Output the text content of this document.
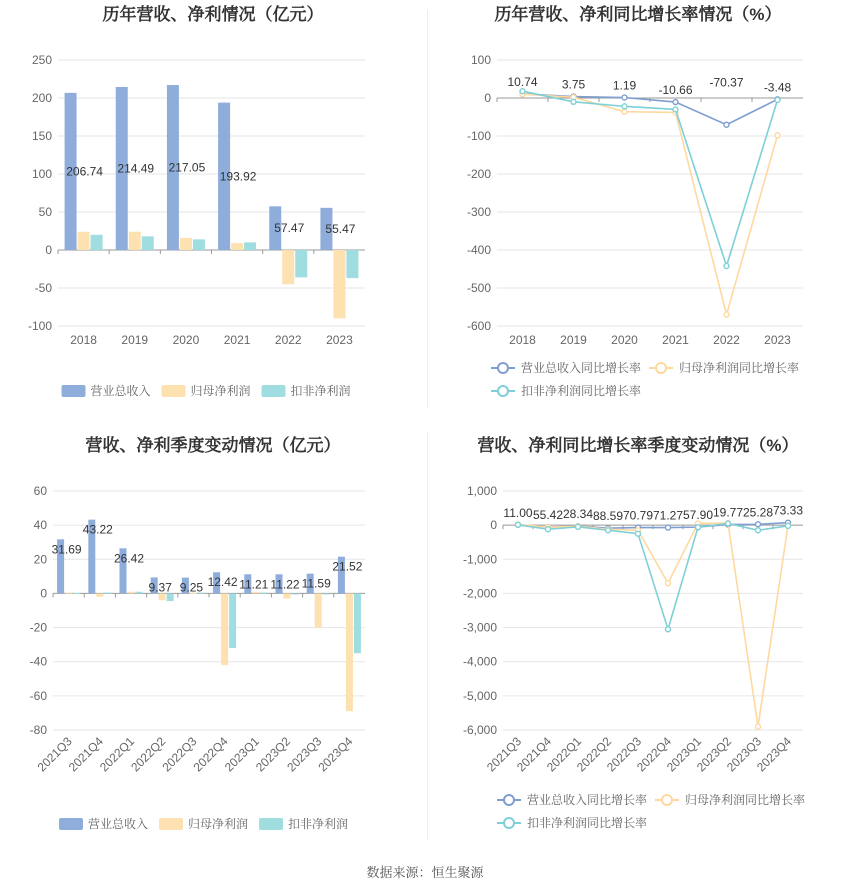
历年营收、净利情况（亿元）
250
200
150
100
50
0
-50
-100
2018 2019 2020 2021 2022 2023
206.74 214.49 217.05
193.92
57.47 55.47
营业总收入	归母净利润	扣非净利润
历年营收、净利同比增长率情况（%）
100
0
-100
-200
-300
-400
-500
-600
2018 2019 2020 2021 2022 2023
10.74 3.75 1.19 -10.66
-70.37 -3.48
营业总收入同比增长率	归母净利润同比增长率
扣非净利润同比增长率
营收、净利季度变动情况（亿元）
60
40
20
0
-20
-40
-60
-80
2021Q3
2021Q4
2022Q1
2022Q2
2022Q3
2022Q4
2023Q1
2023Q2
2023Q3
2023Q4
31.69
43.22
26.42
9.37 9.25 12.42 11.21 11.22 11.59
21.52
营业总收入	归母净利润	扣非净利润
营收、净利同比增长率季度变动情况（%）
1,000
0
-1,000
-2,000
-3,000
-4,000
-5,000
-6,000
2021Q3
2021Q4
2022Q1
2022Q2
2022Q3
2022Q4
2023Q1
2023Q2
2023Q3
2023Q4
11.00 55.42 28.34 88.59 70.79 71.27 57.90 19.77 25.28 73.33
营业总收入同比增长率	归母净利润同比增长率
扣非净利润同比增长率
数据来源：恒生聚源
